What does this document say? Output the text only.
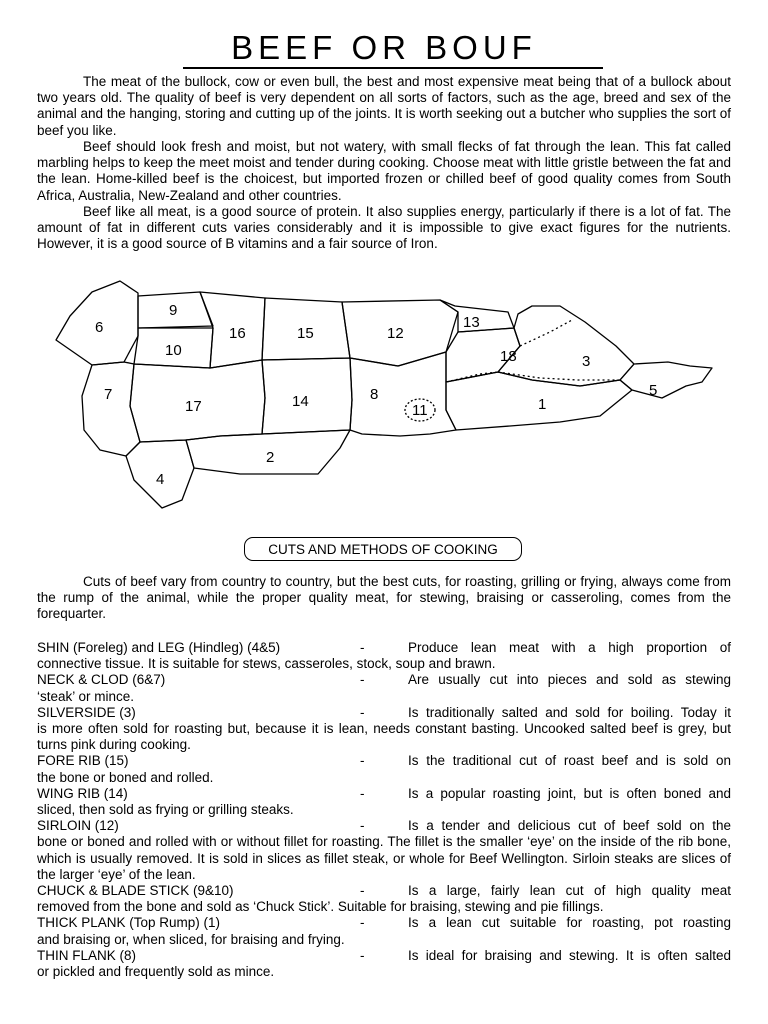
BEEF OR BOUF

The meat of the bullock, cow or even bull, the best and most expensive meat being that of a bullock about two years old. The quality of beef is very dependent on all sorts of factors, such as the age, breed and sex of the animal and the hanging, storing and cutting up of the joints. It is worth seeking out a butcher who supplies the sort of beef you like.

Beef should look fresh and moist, but not watery, with small flecks of fat through the lean. This fat called marbling helps to keep the meet moist and tender during cooking. Choose meat with little gristle between the fat and the lean. Home-killed beef is the choicest, but imported frozen or chilled beef of good quality comes from South Africa, Australia, New-Zealand and other countries.

Beef like all meat, is a good source of protein. It also supplies energy, particularly if there is a lot of fat. The amount of fat in different cuts varies considerably and it is impossible to give exact figures for the nutrients. However, it is a good source of B vitamins and a fair source of Iron.

6
9
10
16	15	12
13
18	3
5
1
8
11
14
17
7
2
4
CUTS AND METHODS OF COOKING

Cuts of beef vary from country to country, but the best cuts, for roasting, grilling or frying, always come from the rump of the animal, while the proper quality meat, for stewing, braising or casseroling, comes from the forequarter.

SHIN (Foreleg) and LEG (Hindleg) (4&5)	-	Produce lean meat with a high proportion of

connective tissue. It is suitable for stews, casseroles, stock, soup and brawn.

NECK & CLOD (6&7)	-	Are usually cut into pieces and sold as stewing

‘steak’ or mince.

SILVERSIDE (3)	-	Is traditionally salted and sold for boiling. Today it

is more often sold for roasting but, because it is lean, needs constant basting. Uncooked salted beef is grey, but turns pink during cooking.

FORE RIB (15)	-	Is the traditional cut of roast beef and is sold on

the bone or boned and rolled.

WING RIB (14)	-	Is a popular roasting joint, but is often boned and

sliced, then sold as frying or grilling steaks.

SIRLOIN (12)	-	Is a tender and delicious cut of beef sold on the

bone or boned and rolled with or without fillet for roasting. The fillet is the smaller ‘eye’ on the inside of the rib bone, which is usually removed. It is sold in slices as fillet steak, or whole for Beef Wellington. Sirloin steaks are slices of the larger ‘eye’ of the lean.

CHUCK & BLADE STICK (9&10)	-	Is a large, fairly lean cut of high quality meat

removed from the bone and sold as ‘Chuck Stick’. Suitable for braising, stewing and pie fillings.

THICK PLANK (Top Rump) (1)	-	Is a lean cut suitable for roasting, pot roasting

and braising or, when sliced, for braising and frying.

THIN FLANK (8)	-	Is ideal for braising and stewing. It is often salted

or pickled and frequently sold as mince.
